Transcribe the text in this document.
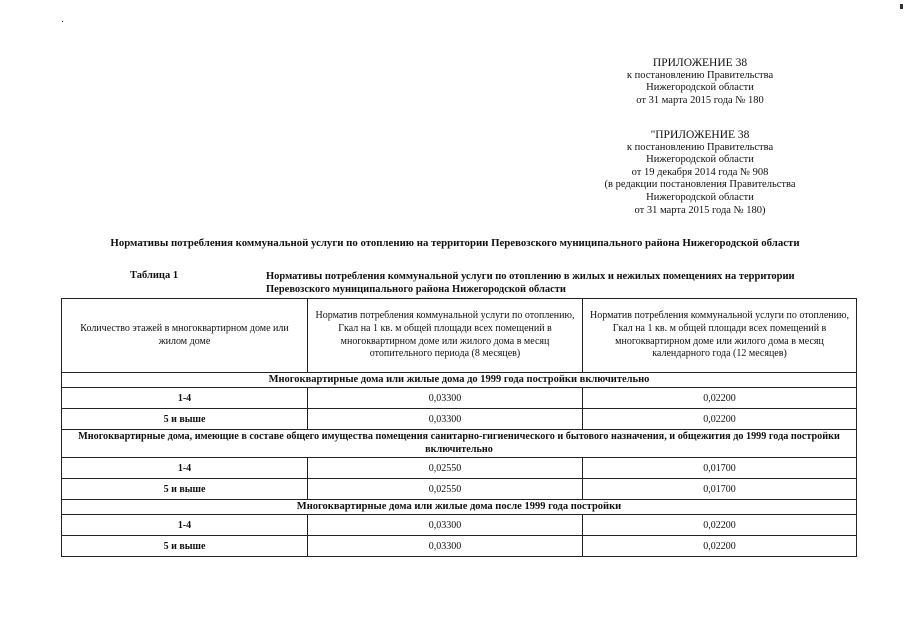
ПРИЛОЖЕНИЕ 38
к постановлению Правительства
Нижегородской области
от 31 марта 2015 года № 180
"ПРИЛОЖЕНИЕ 38
к постановлению Правительства
Нижегородской области
от 19 декабря 2014 года № 908
(в редакции постановления Правительства
Нижегородской области
от 31 марта 2015 года № 180)
Нормативы потребления коммунальной услуги по отоплению на территории Перевозского муниципального района Нижегородской области
Таблица 1	Нормативы потребления коммунальной услуги по отоплению в жилых и нежилых помещениях на территории Перевозского муниципального района Нижегородской области
Количество этажей в многоквартирном доме или жилом доме	Норматив потребления коммунальной услуги по отоплению, Гкал на 1 кв. м общей площади всех помещений в многоквартирном доме или жилого дома в месяц отопительного периода (8 месяцев)	Норматив потребления коммунальной услуги по отоплению, Гкал на 1 кв. м общей площади всех помещений в многоквартирном доме или жилого дома в месяц календарного года (12 месяцев)
Многоквартирные дома или жилые дома до 1999 года постройки включительно		
1-4	0,03300	0,02200
5 и выше	0,03300	0,02200
Многоквартирные дома, имеющие в составе общего имущества помещения санитарно-гигиенического и бытового назначения, и общежития до 1999 года постройки включительно		
1-4	0,02550	0,01700
5 и выше	0,02550	0,01700
Многоквартирные дома или жилые дома после 1999 года постройки		
1-4	0,03300	0,02200
5 и выше	0,03300	0,02200
